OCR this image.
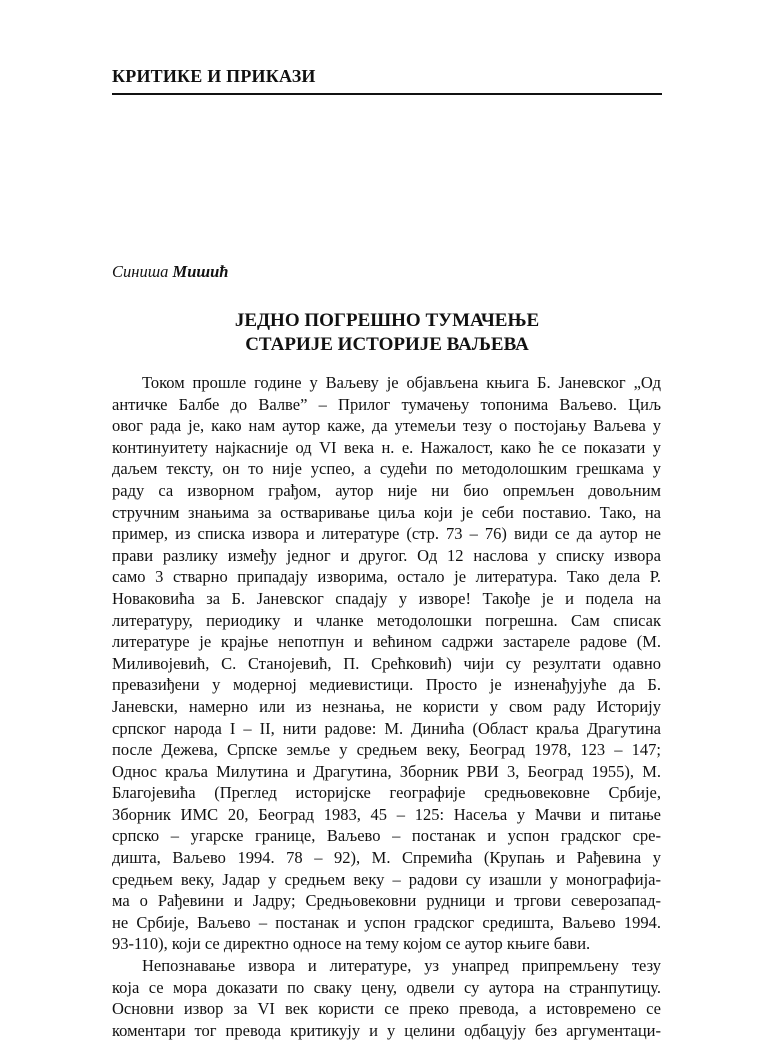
КРИТИКЕ И ПРИКАЗИ
Синиша Мишић
ЈЕДНО ПОГРЕШНО ТУМАЧЕЊЕ
СТАРИЈЕ ИСТОРИЈЕ ВАЉЕВА
Током прошле године у Ваљеву је објављена књига Б. Јаневског „Од
античке Балбе до Валве” – Прилог тумачењу топонима Ваљево. Циљ
овог рада је, како нам аутор каже, да утемељи тезу о постојању Ваљева у
континуитету најкасније од VI века н. е. Нажалост, како ће се показати у
даљем тексту, он то није успео, а судећи по методолошким грешкама у
раду са изворном грађом, аутор није ни био опремљен довољним
стручним знањима за остваривање циља који је себи поставио. Тако, на
пример, из списка извора и литературе (стр. 73 – 76) види се да аутор не
прави разлику између једног и другог. Од 12 наслова у списку извора
само 3 стварно припадају изворима, остало је литература. Тако дела Р.
Новаковића за Б. Јаневског спадају у изворе! Такође је и подела на
литературу, периодику и чланке методолошки погрешна. Сам списак
литературе је крајње непотпун и већином садржи застареле радове (М.
Миливојевић, С. Станојевић, П. Срећковић) чији су резултати одавно
превазиђени у модерној медиевистици. Просто је изненађујуће да Б.
Јаневски, намерно или из незнања, не користи у свом раду Историју
српског народа I – II, нити радове: М. Динића (Област краља Драгутина
после Дежева, Српске земље у средњем веку, Београд 1978, 123 – 147;
Однос краља Милутина и Драгутина, Зборник РВИ 3, Београд 1955), М.
Благојевића (Преглед историјске географије средњовековне Србије,
Зборник ИМС 20, Београд 1983, 45 – 125: Насеља у Мачви и питање
српско – угарске границе, Ваљево – постанак и успон градског сре-
дишта, Ваљево 1994. 78 – 92), М. Спремића (Крупањ и Рађевина у
средњем веку, Јадар у средњем веку – радови су изашли у монографија-
ма о Рађевини и Јадру; Средњовековни рудници и тргови северозапад-
не Србије, Ваљево – постанак и успон градског средишта, Ваљево 1994.
93-110), који се директно односе на тему којом се аутор књиге бави.
Непознавање извора и литературе, уз унапред припремљену тезу
која се мора доказати по сваку цену, одвели су аутора на странпутицу.
Основни извор за VI век користи се преко превода, а истовремено се
коментари тог превода критикују и у целини одбацују без аргументаци-
